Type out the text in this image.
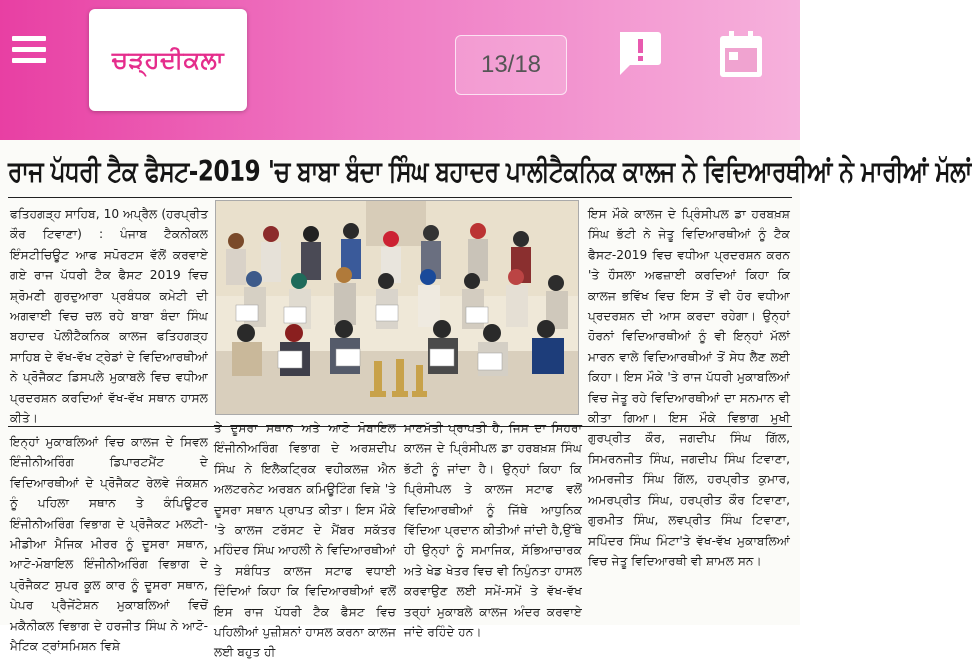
ਚੜ੍ਹਦੀਕਲਾ	13/18
ਰਾਜ ਪੱਧਰੀ ਟੈਕ ਫੈਸਟ-2019 'ਚ ਬਾਬਾ ਬੰਦਾ ਸਿੰਘ ਬਹਾਦਰ ਪਾਲੀਟੈਕਨਿਕ ਕਾਲਜ ਨੇ ਵਿਦਿਆਰਥੀਆਂ ਨੇ ਮਾਰੀਆਂ ਮੱਲਾਂ

ਫਤਿਹਗੜ੍ਹ ਸਾਹਿਬ, 10 ਅਪ੍ਰੈਲ (ਹਰਪ੍ਰੀਤ ਕੌਰ ਟਿਵਾਣਾ) : ਪੰਜਾਬ ਟੈਕਨੀਕਲ ਇੰਸਟੀਚਿਊਟ ਆਫ ਸਪੋਰਟਸ ਵੱਲੋਂ ਕਰਵਾਏ ਗਏ ਰਾਜ ਪੱਧਰੀ ਟੈਕ ਫੈਸਟ 2019 ਵਿਚ ਸ਼੍ਰੋਮਣੀ ਗੁਰਦੁਆਰਾ ਪ੍ਰਬੰਧਕ ਕਮੇਟੀ ਦੀ ਅਗਵਾਈ ਵਿਚ ਚਲ ਰਹੇ ਬਾਬਾ ਬੰਦਾ ਸਿੰਘ ਬਹਾਦਰ ਪੋਲੀਟੈਕਨਿਕ ਕਾਲਜ ਫਤਿਹਗੜ੍ਹ ਸਾਹਿਬ ਦੇ ਵੱਖ-ਵੱਖ ਟ੍ਰੇਡਾਂ ਦੇ ਵਿਦਿਆਰਥੀਆਂ ਨੇ ਪ੍ਰੋਜੈਕਟ ਡਿਸਪਲੇ ਮੁਕਾਬਲੇ ਵਿਚ ਵਧੀਆ ਪ੍ਰਦਰਸ਼ਨ ਕਰਦਿਆਂ ਵੱਖ-ਵੱਖ ਸਥਾਨ ਹਾਸਲ ਕੀਤੇ।

ਇਨ੍ਹਾਂ ਮੁਕਾਬਲਿਆਂ ਵਿਚ ਕਾਲਜ ਦੇ ਸਿਵਲ ਇੰਜੀਨੀਅਰਿੰਗ ਡਿਪਾਰਟਮੈਂਟ ਦੇ ਵਿਦਿਆਰਥੀਆਂ ਦੇ ਪ੍ਰੋਜੈਕਟ ਰੇਲਵੇ ਜੰਕਸ਼ਨ ਨੂੰ ਪਹਿਲਾ ਸਥਾਨ ਤੇ ਕੰਪਿਊਟਰ ਇੰਜੀਨੀਅਰਿੰਗ ਵਿਭਾਗ ਦੇ ਪ੍ਰੋਜੈਕਟ ਮਲਟੀ-ਮੀਡੀਆ ਮੈਜਿਕ ਮੀਰਰ ਨੂੰ ਦੂਸਰਾ ਸਥਾਨ, ਆਟੋ-ਮੋਬਾਇਲ ਇੰਜੀਨੀਅਰਿੰਗ ਵਿਭਾਗ ਦੇ ਪ੍ਰੋਜੈਕਟ ਸੁਪਰ ਕੂਲ ਕਾਰ ਨੂੰ ਦੂਸਰਾ ਸਥਾਨ, ਪੇਪਰ ਪ੍ਰੈਜੇਂਟੇਸ਼ਨ ਮੁਕਾਬਲਿਆਂ ਵਿਚੋਂ ਮਕੈਨੀਕਲ ਵਿਭਾਗ ਦੇ ਹਰਜੀਤ ਸਿੰਘ ਨੇ ਆਟੋ-ਮੈਟਿਕ ਟ੍ਰਾਂਸਮਿਸ਼ਨ ਵਿਸ਼ੇ

ਤੇ ਦੂਸਰਾ ਸਥਾਨ ਅਤੇ ਆਟੋ ਮੋਬਾਇਲ ਇੰਜੀਨੀਅਰਿੰਗ ਵਿਭਾਗ ਦੇ ਅਰਸ਼ਦੀਪ ਸਿੰਘ ਨੇ ਇਲੈਕਟ੍ਰਿਕ ਵਹੀਕਲਜ਼ ਐਨ ਅਲਟਰਨੇਟ ਅਰਬਨ ਕਮਿਊਟਿੰਗ ਵਿਸ਼ੇ 'ਤੇ ਦੂਸਰਾ ਸਥਾਨ ਪ੍ਰਾਪਤ ਕੀਤਾ। ਇਸ ਮੌਕੇ 'ਤੇ ਕਾਲਜ ਟਰੱਸਟ ਦੇ ਮੈਂਬਰ ਸਕੱਤਰ ਮਹਿੰਦਰ ਸਿੰਘ ਆਹਲੀ ਨੇ ਵਿਦਿਆਰਥੀਆਂ ਤੇ ਸਬੰਧਿਤ ਕਾਲਜ ਸਟਾਫ ਵਧਾਈ ਦਿੰਦਿਆਂ ਕਿਹਾ ਕਿ ਵਿਦਿਆਰਥੀਆਂ ਵਲੋਂ ਇਸ ਰਾਜ ਪੱਧਰੀ ਟੈਕ ਫੈਸਟ ਵਿਚ ਪਹਿਲੀਆਂ ਪੁਜ਼ੀਸ਼ਨਾਂ ਹਾਸਲ ਕਰਨਾ ਕਾਲਜ ਲਈ ਬਹੁਤ ਹੀ

ਮਾਣਮੱਤੀ ਪ੍ਰਾਪਤੀ ਹੈ, ਜਿਸ ਦਾ ਸਿਹਰਾ ਕਾਲਜ ਦੇ ਪ੍ਰਿੰਸੀਪਲ ਡਾ ਹਰਬਖ਼ਸ਼ ਸਿੰਘ ਭੱਟੀ ਨੂੰ ਜਾਂਦਾ ਹੈ। ਉਨ੍ਹਾਂ ਕਿਹਾ ਕਿ ਪ੍ਰਿੰਸੀਪਲ ਤੇ ਕਾਲਜ ਸਟਾਫ ਵਲੋਂ ਵਿਦਿਆਰਥੀਆਂ ਨੂੰ ਜਿੱਥੇ ਆਧੁਨਿਕ ਵਿੱਦਿਆ ਪ੍ਰਦਾਨ ਕੀਤੀਆਂ ਜਾਂਦੀ ਹੈ,ਉੱਥੇ ਹੀ ਉਨ੍ਹਾਂ ਨੂੰ ਸਮਾਜਿਕ, ਸੱਭਿਆਚਾਰਕ ਅਤੇ ਖੇਡ ਖੇਤਰ ਵਿਚ ਵੀ ਨਿਪੁੰਨਤਾ ਹਾਸਲ ਕਰਵਾਉਣ ਲਈ ਸਮੇਂ-ਸਮੇਂ ਤੇ ਵੱਖ-ਵੱਖ ਤਰ੍ਹਾਂ ਮੁਕਾਬਲੇ ਕਾਲਜ ਅੰਦਰ ਕਰਵਾਏ ਜਾਂਦੇ ਰਹਿੰਦੇ ਹਨ।

ਇਸ ਮੌਕੇ ਕਾਲਜ ਦੇ ਪ੍ਰਿੰਸੀਪਲ ਡਾ ਹਰਬਖ਼ਸ਼ ਸਿੰਘ ਭੱਟੀ ਨੇ ਜੇਤੂ ਵਿਦਿਆਰਥੀਆਂ ਨੂੰ ਟੈਕ ਫੈਸਟ-2019 ਵਿਚ ਵਧੀਆ ਪ੍ਰਦਰਸ਼ਨ ਕਰਨ 'ਤੇ ਹੌਸਲਾ ਅਫਜ਼ਾਈ ਕਰਦਿਆਂ ਕਿਹਾ ਕਿ ਕਾਲਜ ਭਵਿੱਖ ਵਿਚ ਇਸ ਤੋਂ ਵੀ ਹੋਰ ਵਧੀਆ ਪ੍ਰਦਰਸ਼ਨ ਦੀ ਆਸ ਕਰਦਾ ਰਹੇਗਾ। ਉਨ੍ਹਾਂ ਹੋਰਨਾਂ ਵਿਦਿਆਰਥੀਆਂ ਨੂੰ ਵੀ ਇਨ੍ਹਾਂ ਮੱਲਾਂ ਮਾਰਨ ਵਾਲੇ ਵਿਦਿਆਰਥੀਆਂ ਤੋਂ ਸੇਧ ਲੈਣ ਲਈ ਕਿਹਾ। ਇਸ ਮੌਕੇ 'ਤੇ ਰਾਜ ਪੱਧਰੀ ਮੁਕਾਬਲਿਆਂ ਵਿਚ ਜੇਤੂ ਰਹੇ ਵਿਦਿਆਰਥੀਆਂ ਦਾ ਸਨਮਾਨ ਵੀ ਕੀਤਾ ਗਿਆ। ਇਸ ਮੌਕੇ ਵਿਭਾਗ ਮੁਖੀ ਗੁਰਪ੍ਰੀਤ ਕੌਰ, ਜਗਦੀਪ ਸਿੰਘ ਗਿੱਲ, ਸਿਮਰਨਜੀਤ ਸਿੰਘ, ਜਗਦੀਪ ਸਿੰਘ ਟਿਵਾਣਾ, ਅਮਰਜੀਤ ਸਿੰਘ ਗਿੱਲ, ਹਰਪ੍ਰੀਤ ਕੁਮਾਰ, ਅਮਰਪ੍ਰੀਤ ਸਿੰਘ, ਹਰਪ੍ਰੀਤ ਕੌਰ ਟਿਵਾਣਾ, ਗੁਰਮੀਤ ਸਿੰਘ, ਲਵਪ੍ਰੀਤ ਸਿੰਘ ਟਿਵਾਣਾ, ਸਪਿੰਦਰ ਸਿੰਘ ਮਿੰਟਾ'ਤੇ ਵੱਖ-ਵੱਖ ਮੁਕਾਬਲਿਆਂ ਵਿਚ ਜੇਤੂ ਵਿਦਿਆਰਥੀ ਵੀ ਸ਼ਾਮਲ ਸਨ।
